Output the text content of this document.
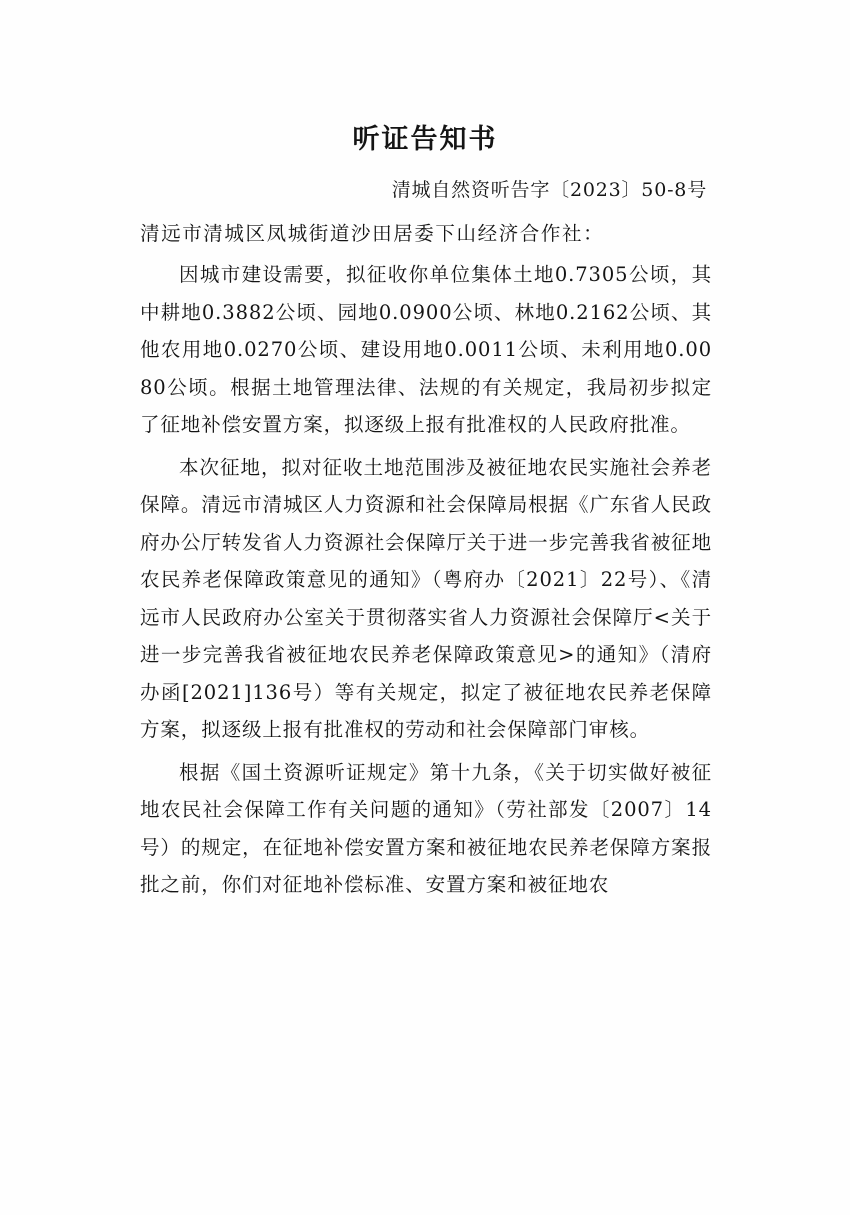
听证告知书

清城自然资听告字〔2023〕50-8号

清远市清城区凤城街道沙田居委下山经济合作社：

因城市建设需要，拟征收你单位集体土地0.7305公顷，其中耕地0.3882公顷、园地0.0900公顷、林地0.2162公顷、其他农用地0.0270公顷、建设用地0.0011公顷、未利用地0.0080公顷。根据土地管理法律、法规的有关规定，我局初步拟定了征地补偿安置方案，拟逐级上报有批准权的人民政府批准。

本次征地，拟对征收土地范围涉及被征地农民实施社会养老保障。清远市清城区人力资源和社会保障局根据《广东省人民政府办公厅转发省人力资源社会保障厅关于进一步完善我省被征地农民养老保障政策意见的通知》（粤府办〔2021〕22号）、《清远市人民政府办公室关于贯彻落实省人力资源社会保障厅<关于进一步完善我省被征地农民养老保障政策意见>的通知》（清府办函[2021]136号）等有关规定，拟定了被征地农民养老保障方案，拟逐级上报有批准权的劳动和社会保障部门审核。

根据《国土资源听证规定》第十九条，《关于切实做好被征地农民社会保障工作有关问题的通知》（劳社部发〔2007〕14号）的规定，在征地补偿安置方案和被征地农民养老保障方案报批之前，你们对征地补偿标准、安置方案和被征地农
